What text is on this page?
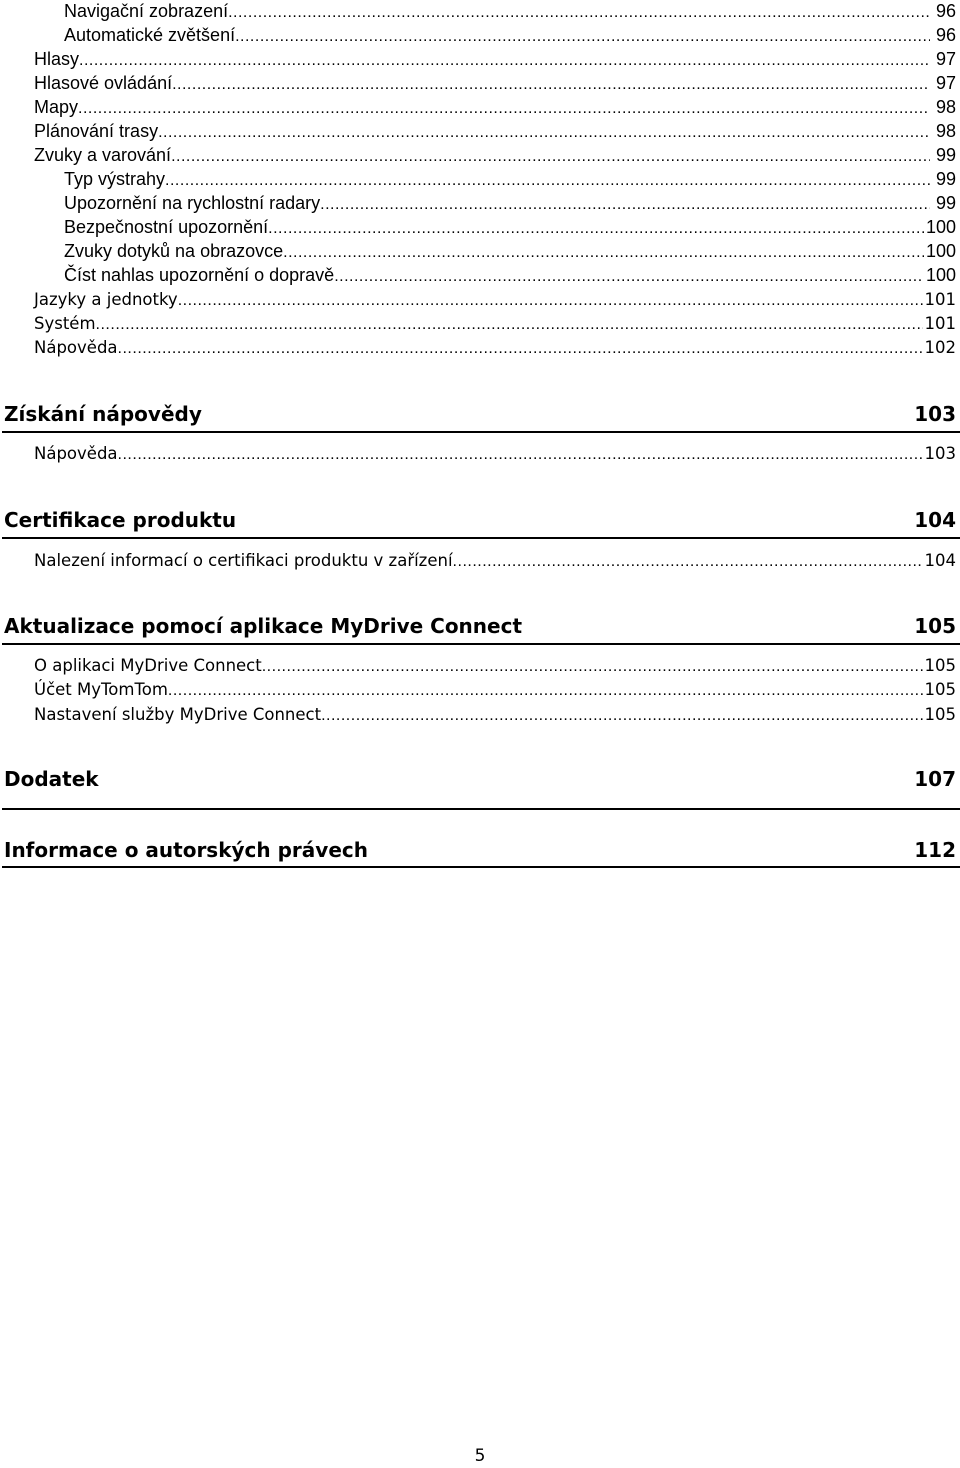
Navigační zobrazení .....	96
Automatické zvětšení .....	96
Hlasy .....	97
Hlasové ovládání .....	97
Mapy .....	98
Plánování trasy .....	98
Zvuky a varování .....	99
Typ výstrahy .....	99
Upozornění na rychlostní radary .....	99
Bezpečnostní upozornění .....	100
Zvuky dotyků na obrazovce .....	100
Číst nahlas upozornění o dopravě .....	100
Jazyky a jednotky .....	101
Systém .....	101
Nápověda .....	102
Získání nápovědy	103
Nápověda .....	103
Certifikace produktu	104
Nalezení informací o certifikaci produktu v zařízení .....	104
Aktualizace pomocí aplikace MyDrive Connect	105
O aplikaci MyDrive Connect .....	105
Účet MyTomTom .....	105
Nastavení služby MyDrive Connect .....	105
Dodatek	107
Informace o autorských právech	112
5
